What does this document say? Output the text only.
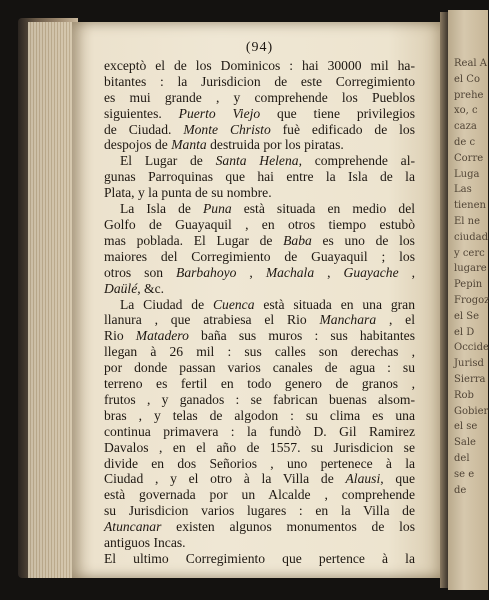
Real A
el Co
prehe
xo, c
caza
de c
Corre
Luga
Las
tienen
El ne
ciudad
y cerc
lugare
Pepin
Frogoz
el Se
el D
Occide
Jurisd
Sierra
Rob
Gobier
el se
Sale
del
se e
de
(94)
exceptò el de los Dominicos : hai 30000 mil ha-
bitantes : la Jurisdicion de este Corregimiento
es mui grande , y comprehende los Pueblos
siguientes. Puerto Viejo que tiene privilegios
de Ciudad. Monte Christo fuè edificado de los
despojos de Manta destruida por los piratas.
El Lugar de Santa Helena, comprehende al-
gunas Parroquinas que hai entre la Isla de la
Plata, y la punta de su nombre.
La Isla de Puna està situada en medio del
Golfo de Guayaquil , en otros tiempo estubò
mas poblada. El Lugar de Baba es uno de los
maiores del Corregimiento de Guayaquil ; los
otros son Barbahoyo , Machala , Guayache ,
Daülé, &c.
La Ciudad de Cuenca està situada en una gran
llanura , que atrabiesa el Rio Manchara , el
Rio Matadero baña sus muros : sus habitantes
llegan à 26 mil : sus calles son derechas ,
por donde passan varios canales de agua : su
terreno es fertil en todo genero de granos ,
frutos , y ganados : se fabrican buenas alsom-
bras , y telas de algodon : su clima es una
continua primavera : la fundò D. Gil Ramirez
Davalos , en el año de 1557. su Jurisdicion se
divide en dos Señorios , uno pertenece à la
Ciudad , y el otro à la Villa de Alausi, que
està governada por un Alcalde , comprehende
su Jurisdicion varios lugares : en la Villa de
Atuncanar existen algunos monumentos de los
antiguos Incas.
El ultimo Corregimiento que pertence à la
